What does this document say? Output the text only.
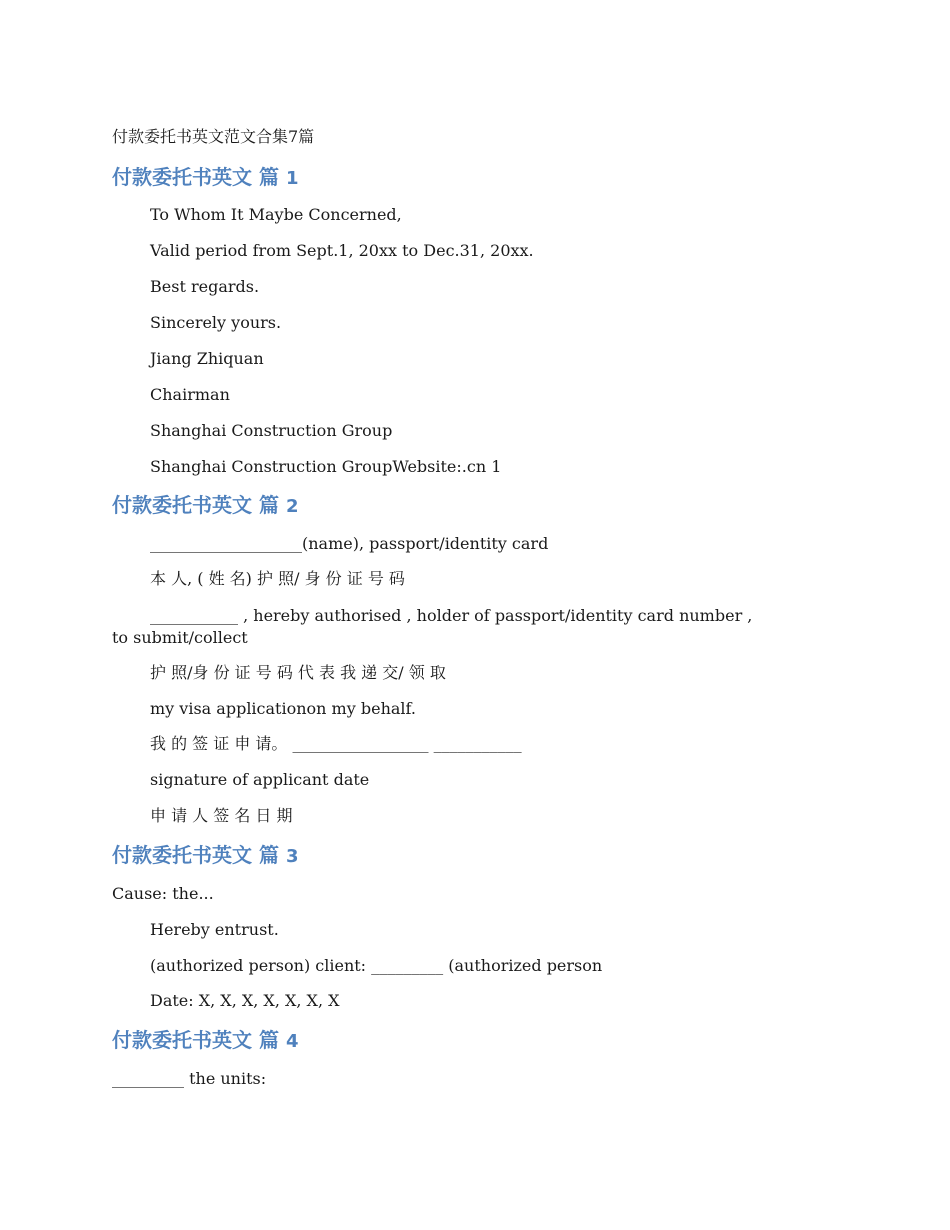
付款委托书英文范文合集7篇
付款委托书英文 篇 1
To Whom It Maybe Concerned,
Valid period from Sept.1, 20xx to Dec.31, 20xx.
Best regards.
Sincerely yours.
Jiang Zhiquan
Chairman
Shanghai Construction Group
Shanghai Construction GroupWebsite:.cn 1
付款委托书英文 篇 2
___________________(name), passport/identity card
本 人, ( 姓 名) 护 照/ 身 份 证 号 码
___________ , hereby authorised , holder of passport/identity card number , to submit/collect
护 照/身 份 证 号 码 代 表 我 递 交/ 领 取
my visa applicationon my behalf.
我 的 签 证 申 请。 _________________ ___________
signature of applicant date
申 请 人 签 名 日 期
付款委托书英文 篇 3
Cause: the...
Hereby entrust.
(authorized person) client: _________ (authorized person
Date: X, X, X, X, X, X, X
付款委托书英文 篇 4
_________ the units:
